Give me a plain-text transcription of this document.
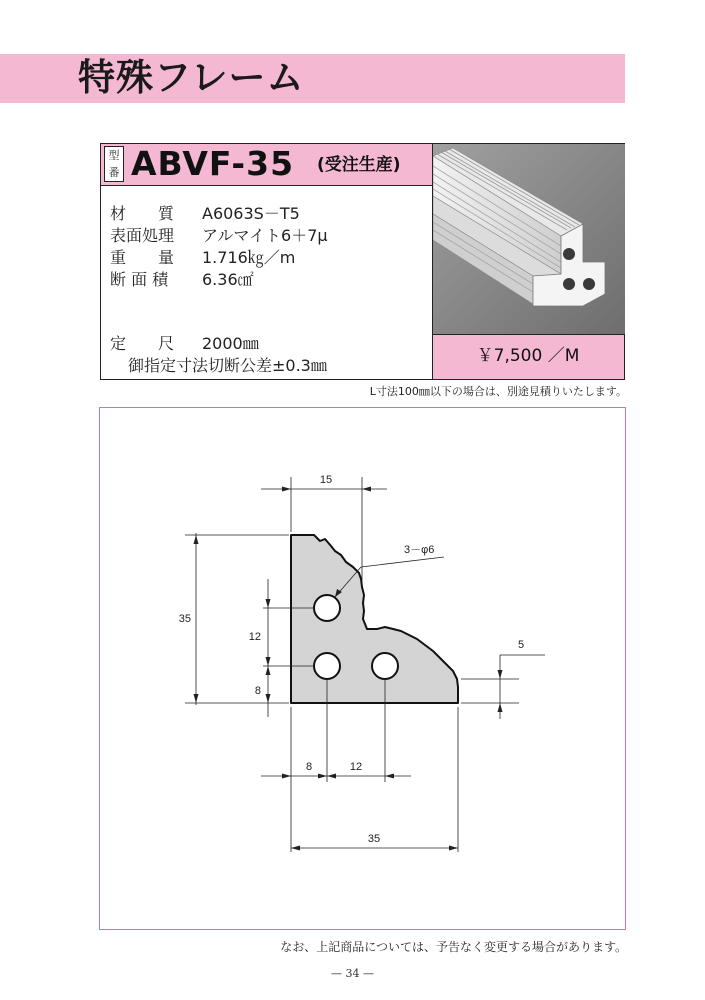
特殊フレーム
型番 ABVF-35 (受注生産)
材　　質 A6063S－T5
表面処理 アルマイト6＋7μ
重　　量 1.716㎏／m
断 面 積 6.36㎠
定　　尺 2000㎜
御指定寸法切断公差±0.3㎜	￥7,500 ／M
L寸法100㎜以下の場合は、別途見積りいたします。
15
35
12
8
5
8	12
35
3－φ6
なお、上記商品については、予告なく変更する場合があります。
— 34 —
